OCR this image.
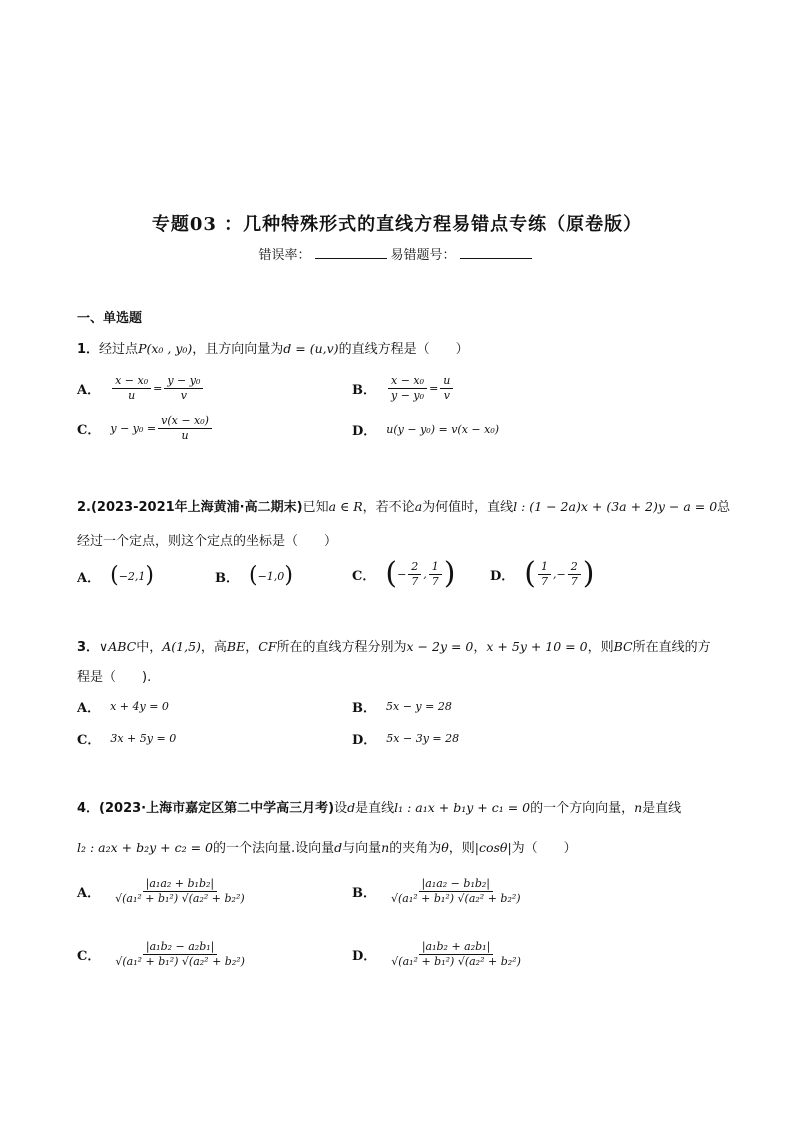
专题03 ：几种特殊形式的直线方程易错点专练（原卷版）
错误率：	易错题号：
一、单选题
1．经过点P(x₀ , y₀)，且方向向量为d = (u,v)的直线方程是（　　）
A． $\frac{\text{x − x₀}}{u} = \frac{\text{y − y₀}}{v}$	B． $\frac{\text{x − x₀}}{\text{y − y₀}} = \frac{u}{v}$
C． $y - y_0 = \frac{\text{v(x − x₀)}}{u}$	D． u(y − y₀) = v(x − x₀)
2.(2023-2021年上海黄浦·高二期末)已知a ∈ R，若不论a为何值时，直线l : (1 − 2a)x + (3a + 2)y − a = 0总
经过一个定点，则这个定点的坐标是（　　）
A． ( −2,1 )	B． ( −1,0 )	C． ( − $\frac{2}{7}$ , $\frac{1}{7}$ )	D． ( $\frac{1}{7}$ , − $\frac{2}{7}$ )
3．∨ABC中，A(1,5)，高BE，CF所在的直线方程分别为x − 2y = 0，x + 5y + 10 = 0，则BC所在直线的方
程是（　　).
A． x + 4y = 0	B． 5x − y = 28
C． 3x + 5y = 0	D． 5x − 3y = 28
4．(2023·上海市嘉定区第二中学高三月考)设d是直线l₁ : a₁x + b₁y + c₁ = 0的一个方向向量，n是直线
l₂ : a₂x + b₂y + c₂ = 0的一个法向量.设向量d与向量n的夹角为θ，则|cosθ|为（　　）
A． $\frac{\text{|a₁a₂ + b₁b₂|}}{\text{√(a₁² + b₁²) √(a₂² + b₂²)}}$	B． $\frac{\text{|a₁a₂ − b₁b₂|}}{\text{√(a₁² + b₁²) √(a₂² + b₂²)}}$
C． $\frac{\text{|a₁b₂ − a₂b₁|}}{\text{√(a₁² + b₁²) √(a₂² + b₂²)}}$	D． $\frac{\text{|a₁b₂ + a₂b₁|}}{\text{√(a₁² + b₁²) √(a₂² + b₂²)}}$
